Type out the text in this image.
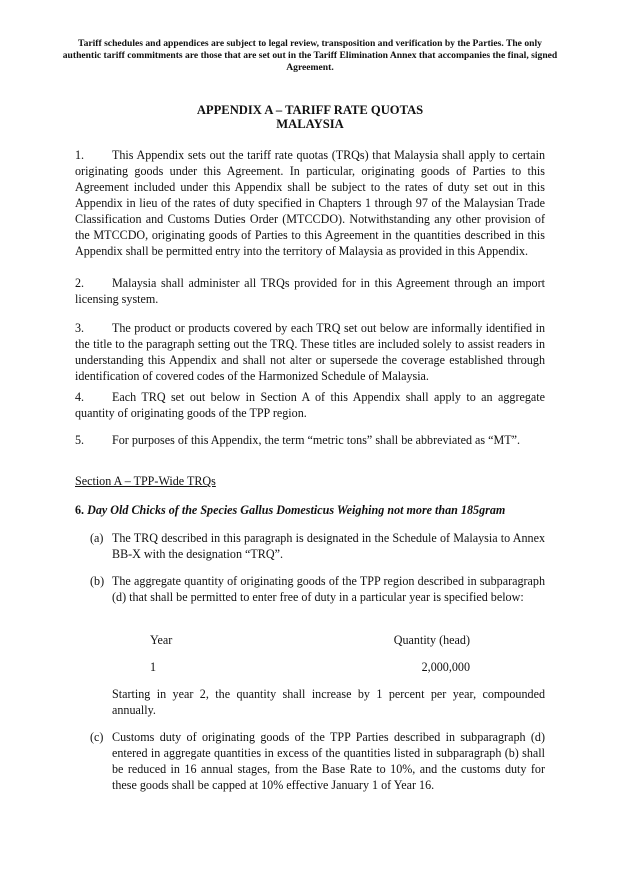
Tariff schedules and appendices are subject to legal review, transposition and verification by the Parties. The only authentic tariff commitments are those that are set out in the Tariff Elimination Annex that accompanies the final, signed Agreement.
APPENDIX A – TARIFF RATE QUOTAS
MALAYSIA
1. This Appendix sets out the tariff rate quotas (TRQs) that Malaysia shall apply to certain originating goods under this Agreement. In particular, originating goods of Parties to this Agreement included under this Appendix shall be subject to the rates of duty set out in this Appendix in lieu of the rates of duty specified in Chapters 1 through 97 of the Malaysian Trade Classification and Customs Duties Order (MTCCDO). Notwithstanding any other provision of the MTCCDO, originating goods of Parties to this Agreement in the quantities described in this Appendix shall be permitted entry into the territory of Malaysia as provided in this Appendix.
2. Malaysia shall administer all TRQs provided for in this Agreement through an import licensing system.
3. The product or products covered by each TRQ set out below are informally identified in the title to the paragraph setting out the TRQ. These titles are included solely to assist readers in understanding this Appendix and shall not alter or supersede the coverage established through identification of covered codes of the Harmonized Schedule of Malaysia.
4. Each TRQ set out below in Section A of this Appendix shall apply to an aggregate quantity of originating goods of the TPP region.
5. For purposes of this Appendix, the term “metric tons” shall be abbreviated as “MT”.
Section A – TPP-Wide TRQs
6. Day Old Chicks of the Species Gallus Domesticus Weighing not more than 185gram
(a) The TRQ described in this paragraph is designated in the Schedule of Malaysia to Annex BB-X with the designation “TRQ”.
(b) The aggregate quantity of originating goods of the TPP region described in subparagraph (d) that shall be permitted to enter free of duty in a particular year is specified below:
Year	Quantity (head)
1	2,000,000
Starting in year 2, the quantity shall increase by 1 percent per year, compounded annually.
(c) Customs duty of originating goods of the TPP Parties described in subparagraph (d) entered in aggregate quantities in excess of the quantities listed in subparagraph (b) shall be reduced in 16 annual stages, from the Base Rate to 10%, and the customs duty for these goods shall be capped at 10% effective January 1 of Year 16.
